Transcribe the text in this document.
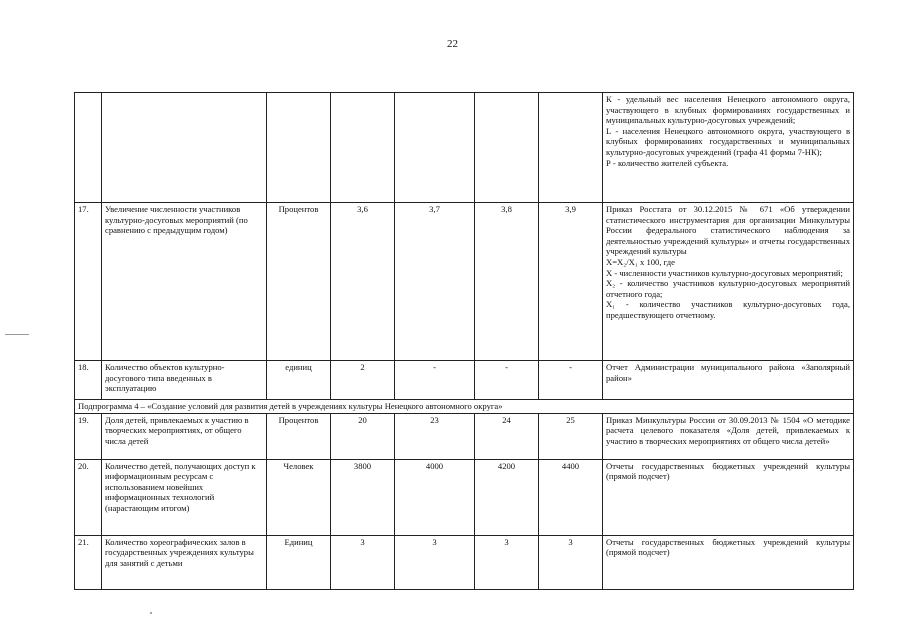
22

							К - удельный вес населения Ненецкого автономного округа, участвующего в клубных формированиях государственных и муниципальных культурно-досуговых учреждений;
L - населения Ненецкого автономного округа, участвующего в клубных формированиях государственных и муниципальных культурно-досуговых учреждений (графа 41 формы 7-НК);
Р - количество жителей субъекта.

17.	Увеличение численности участников культурно-досуговых мероприятий (по сравнению с предыдущим годом)	Процентов	3,6	3,7	3,8	3,9	Приказ Росстата от 30.12.2015 № 671 «Об утверждении статистического инструментария для организации Минкультуры России федерального статистического наблюдения за деятельностью учреждений культуры» и отчеты государственных учреждений культуры
X=X₂/X₁ x 100, где
X - численности участников культурно-досуговых мероприятий;
X₂ - количество участников культурно-досуговых мероприятий отчетного года;
X₁ - количество участников культурно-досуговых года, предшествующего отчетному.

18.	Количество объектов культурно-досугового типа введенных в эксплуатацию	единиц	2	-	-	-	Отчет Администрации муниципального района «Заполярный район»

Подпрограмма 4 – «Создание условий для развития детей в учреждениях культуры Ненецкого автономного округа»							
19.	Доля детей, привлекаемых к участию в творческих мероприятиях, от общего числа детей	Процентов	20	23	24	25	Приказ Минкультуры России от 30.09.2013 № 1504 «О методике расчета целевого показателя «Доля детей, привлекаемых к участию в творческих мероприятиях от общего числа детей»

20.	Количество детей, получающих доступ к информационным ресурсам с использованием новейших информационных технологий (нарастающим итогом)	Человек	3800	4000	4200	4400	Отчеты государственных бюджетных учреждений культуры (прямой подсчет)

21.	Количество хореографических залов в государственных учреждениях культуры для занятий с детьми	Единиц	3	3	3	3	Отчеты государственных бюджетных учреждений культуры (прямой подсчет)
